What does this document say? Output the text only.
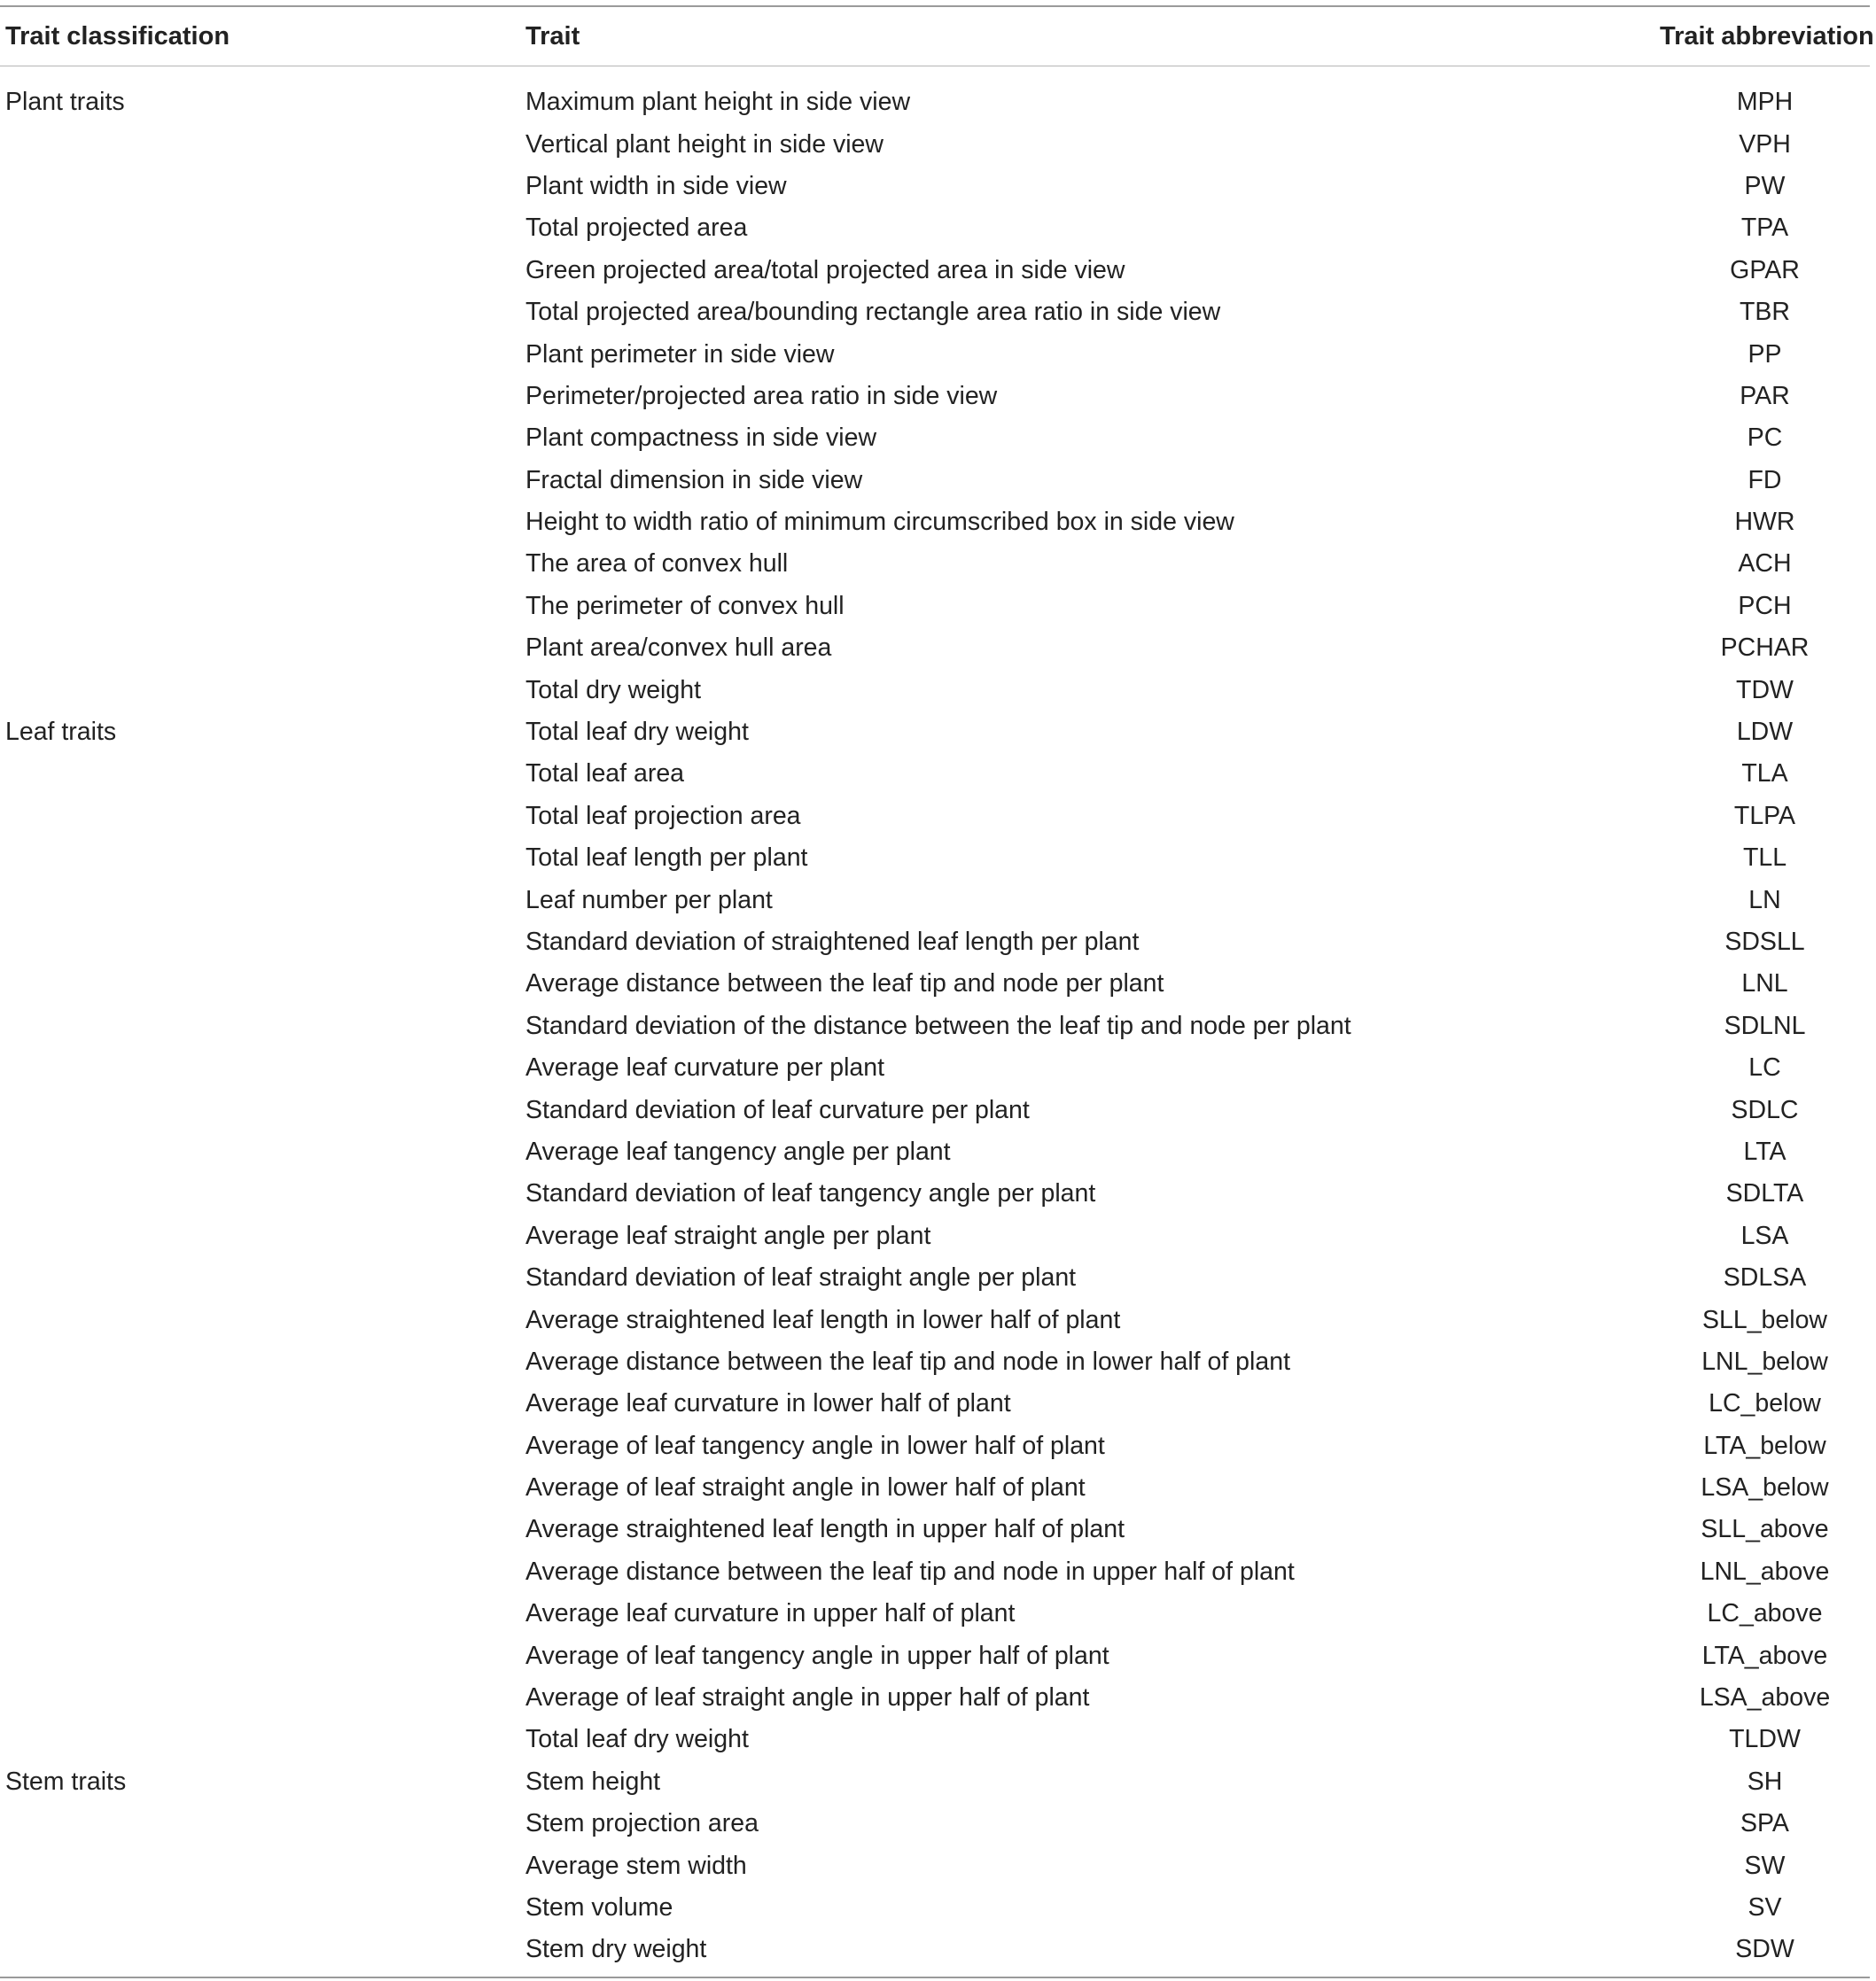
Trait classification	Trait	Trait abbreviation
Plant traits	Maximum plant height in side view	MPH
Vertical plant height in side view	VPH
Plant width in side view	PW
Total projected area	TPA
Green projected area/total projected area in side view	GPAR
Total projected area/bounding rectangle area ratio in side view	TBR
Plant perimeter in side view	PP
Perimeter/projected area ratio in side view	PAR
Plant compactness in side view	PC
Fractal dimension in side view	FD
Height to width ratio of minimum circumscribed box in side view	HWR
The area of convex hull	ACH
The perimeter of convex hull	PCH
Plant area/convex hull area	PCHAR
Total dry weight	TDW
Leaf traits	Total leaf dry weight	LDW
Total leaf area	TLA
Total leaf projection area	TLPA
Total leaf length per plant	TLL
Leaf number per plant	LN
Standard deviation of straightened leaf length per plant	SDSLL
Average distance between the leaf tip and node per plant	LNL
Standard deviation of the distance between the leaf tip and node per plant	SDLNL
Average leaf curvature per plant	LC
Standard deviation of leaf curvature per plant	SDLC
Average leaf tangency angle per plant	LTA
Standard deviation of leaf tangency angle per plant	SDLTA
Average leaf straight angle per plant	LSA
Standard deviation of leaf straight angle per plant	SDLSA
Average straightened leaf length in lower half of plant	SLL_below
Average distance between the leaf tip and node in lower half of plant	LNL_below
Average leaf curvature in lower half of plant	LC_below
Average of leaf tangency angle in lower half of plant	LTA_below
Average of leaf straight angle in lower half of plant	LSA_below
Average straightened leaf length in upper half of plant	SLL_above
Average distance between the leaf tip and node in upper half of plant	LNL_above
Average leaf curvature in upper half of plant	LC_above
Average of leaf tangency angle in upper half of plant	LTA_above
Average of leaf straight angle in upper half of plant	LSA_above
Total leaf dry weight	TLDW
Stem traits	Stem height	SH
Stem projection area	SPA
Average stem width	SW
Stem volume	SV
Stem dry weight	SDW
